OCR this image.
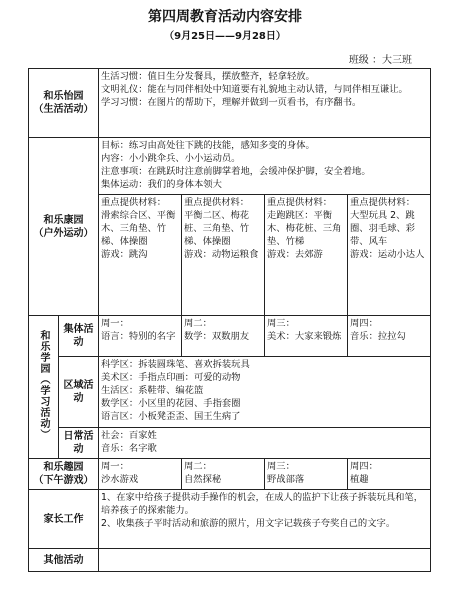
第四周教育活动内容安排
（9月25日——9月28日）
班级 ：大三班
和乐怡园
（生活活动）		生活习惯：值日生分发餐具，摆放整齐，轻拿轻放。
文明礼仪：能在与同伴相处中知道要有礼貌地主动认错，与同伴相互谦让。
学习习惯：在图片的帮助下，理解并做到一页看书，有序翻书。			

和乐康园
（户外运动）		目标：练习由高处往下跳的技能，感知多变的身体。
内容：小小跳伞兵、小小运动员。
注意事项：在跳跃时注意前脚掌着地，会缓冲保护脚，安全着地。
集体运动：我们的身体本领大			

		重点提供材料：
滑索综合区、平衡木、三角垫、竹梯、体操圈
游戏：跳沟	重点提供材料：
平衡二区、梅花桩、三角垫、竹梯、体操圈
游戏：动物运粮食	重点提供材料：
走跑跳区：平衡木、梅花桩、三角垫、竹梯
游戏：去郊游	重点提供材料：
大型玩具 2、跳圈、羽毛球、彩带、风车
游戏：运动小达人

和乐学园（学习活动）	集体活动	周一：
语言：特别的名字	周二：
数学：双数朋友	周三：
美术：大家来锻炼	周四：
音乐：拉拉勾

	区域活动	科学区：拆装圆珠笔、喜欢拆装玩具
美术区：手指点印画：可爱的动物
生活区：系鞋带、编花篮
数学区：小区里的花园、手指套圈
语言区：小板凳歪歪、国王生病了			

	日常活动	社会：百家姓
音乐：名字歌			

和乐趣园
（下午游戏）		周一：
沙水游戏	周二：
自然探秘	周三：
野战部落	周四：
植趣

家长工作		1、在家中给孩子提供动手操作的机会，在成人的监护下让孩子拆装玩具和笔，培养孩子的探索能力。
2、收集孩子平时活动和旅游的照片，用文字记载孩子夸奖自己的文字。			

其他活动					
